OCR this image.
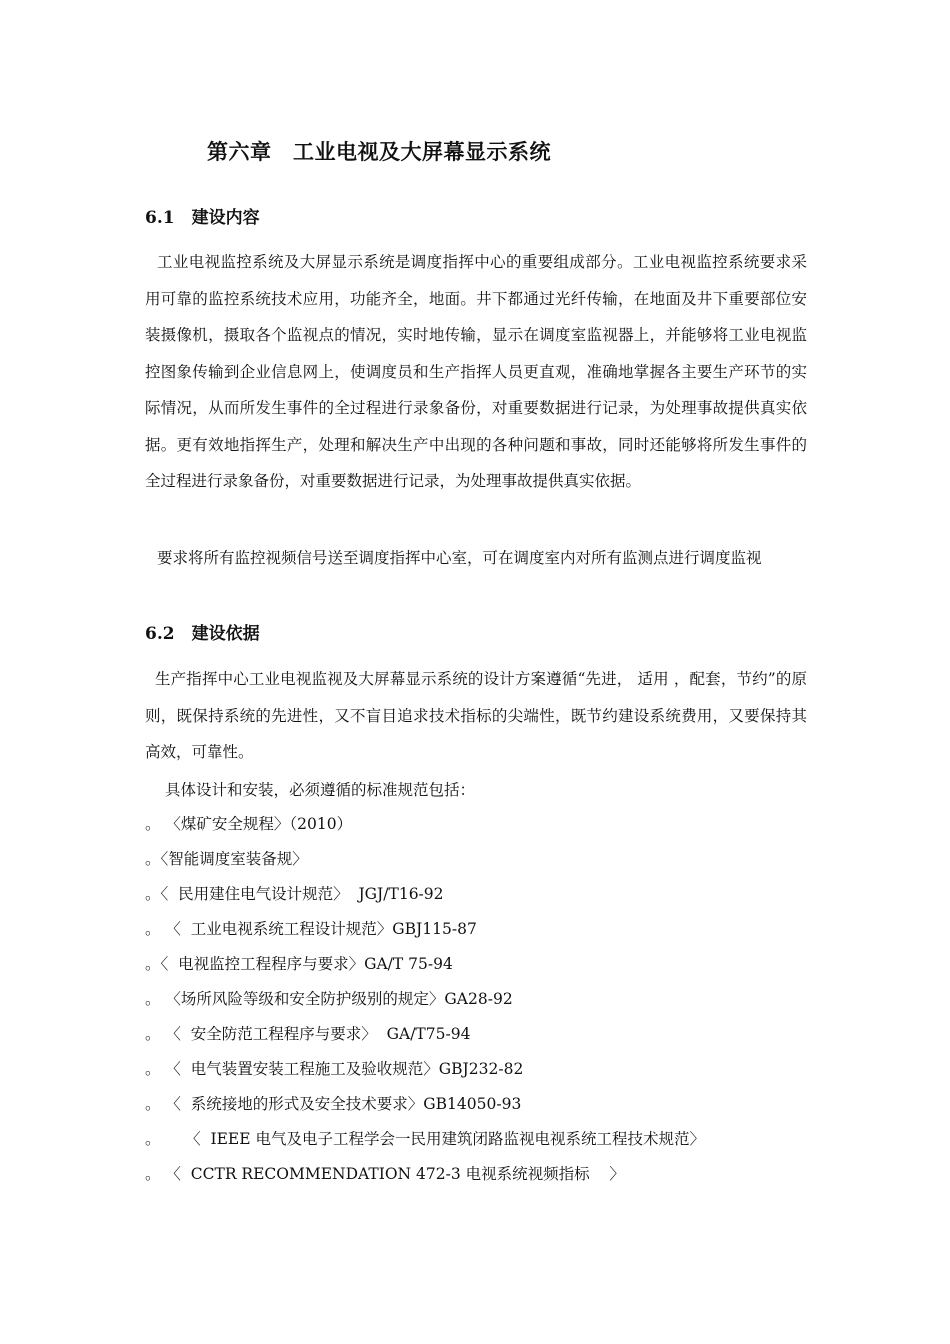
第六章　工业电视及大屏幕显示系统
6.1　建设内容

工业电视监控系统及大屏显示系统是调度指挥中心的重要组成部分。工业电视监控系统要求采用可靠的监控系统技术应用，功能齐全，地面。井下都通过光纤传输，在地面及井下重要部位安装摄像机，摄取各个监视点的情况，实时地传输，显示在调度室监视器上，并能够将工业电视监控图象传输到企业信息网上，使调度员和生产指挥人员更直观，准确地掌握各主要生产环节的实际情况，从而所发生事件的全过程进行录象备份，对重要数据进行记录，为处理事故提供真实依据。更有效地指挥生产，处理和解决生产中出现的各种问题和事故，同时还能够将所发生事件的 全过程进行录象备份，对重要数据进行记录，为处理事故提供真实依据。

要求将所有监控视频信号送至调度指挥中心室，可在调度室内对所有监测点进行调度监视

6.2　建设依据

生产指挥中心工业电视监视及大屏幕显示系统的设计方案遵循“先进， 适用 ，配套，节约”的原则，既保持系统的先进性，又不盲目追求技术指标的尖端性，既节约建设系统费用，又要保持其高效，可靠性。

具体设计和安装，必须遵循的标准规范包括：

。 〈煤矿安全规程〉（2010）

。〈智能调度室装备规〉

。〈  民用建住电气设计规范〉  JGJ/T16-92

。 〈  工业电视系统工程设计规范〉GBJ115-87

。〈  电视监控工程程序与要求〉GA/T 75-94

。 〈场所风险等级和安全防护级别的规定〉GA28-92

。 〈  安全防范工程程序与要求〉  GA/T75-94

。 〈  电气装置安装工程施工及验收规范〉GBJ232-82

。 〈  系统接地的形式及安全技术要求〉GB14050-93

。     〈  IEEE 电气及电子工程学会一民用建筑闭路监视电视系统工程技术规范〉

。 〈  CCTR RECOMMENDATION 472-3 电视系统视频指标    〉
